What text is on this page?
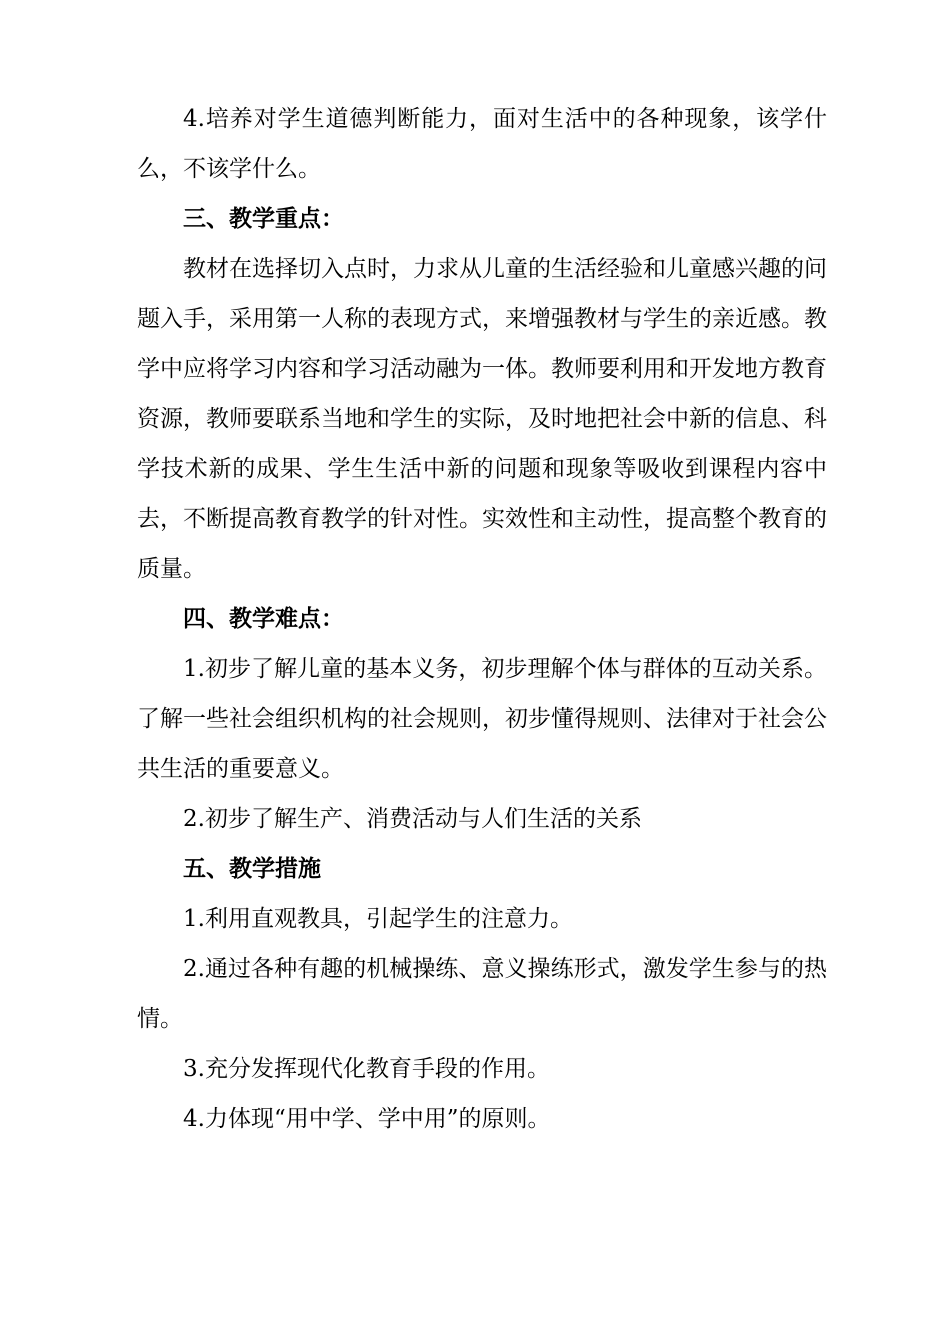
4.培养对学生道德判断能力，面对生活中的各种现象，该学什么，不该学什么。

三、教学重点：

教材在选择切入点时，力求从儿童的生活经验和儿童感兴趣的问题入手，采用第一人称的表现方式，来增强教材与学生的亲近感。教学中应将学习内容和学习活动融为一体。教师要利用和开发地方教育资源，教师要联系当地和学生的实际，及时地把社会中新的信息、科学技术新的成果、学生生活中新的问题和现象等吸收到课程内容中去，不断提高教育教学的针对性。实效性和主动性，提高整个教育的质量。

四、教学难点：

1.初步了解儿童的基本义务，初步理解个体与群体的互动关系。了解一些社会组织机构的社会规则，初步懂得规则、法律对于社会公共生活的重要意义。

2.初步了解生产、消费活动与人们生活的关系

五、教学措施

1.利用直观教具，引起学生的注意力。

2.通过各种有趣的机械操练、意义操练形式，激发学生参与的热情。

3.充分发挥现代化教育手段的作用。

4.力体现“用中学、学中用”的原则。
